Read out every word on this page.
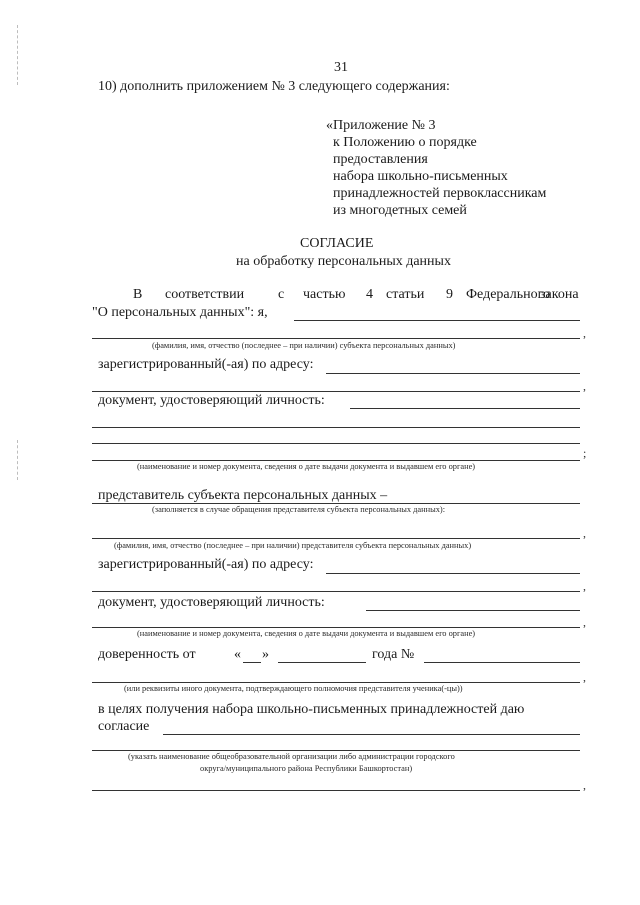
31
10) дополнить приложением № 3 следующего содержания:
«Приложение № 3
к Положению о порядке
предоставления
набора школьно-письменных
принадлежностей первоклассникам
из многодетных семей
СОГЛАСИЕ
на обработку персональных данных
В соответствии с частью 4 статьи 9 Федерального
закона
"О персональных данных": я,
,
(фамилия, имя, отчество (последнее – при наличии) субъекта персональных данных)
зарегистрированный(-ая) по адресу:
,
документ, удостоверяющий личность:
;
(наименование и номер документа, сведения о дате выдачи документа и выдавшем его органе)
представитель субъекта персональных данных –
(заполняется в случае обращения представителя субъекта персональных данных):
,
(фамилия, имя, отчество (последнее – при наличии) представителя субъекта персональных данных)
зарегистрированный(-ая) по адресу:
,
документ, удостоверяющий личность:
,
(наименование и номер документа, сведения о дате выдачи документа и выдавшем его органе)
доверенность от	« »	года №
,
(или реквизиты иного документа, подтверждающего полномочия представителя ученика(-цы))
в целях получения набора школьно-письменных принадлежностей даю
согласие
(указать наименование общеобразовательной организации либо администрации городского
округа/муниципального района Республики Башкортостан)
,
